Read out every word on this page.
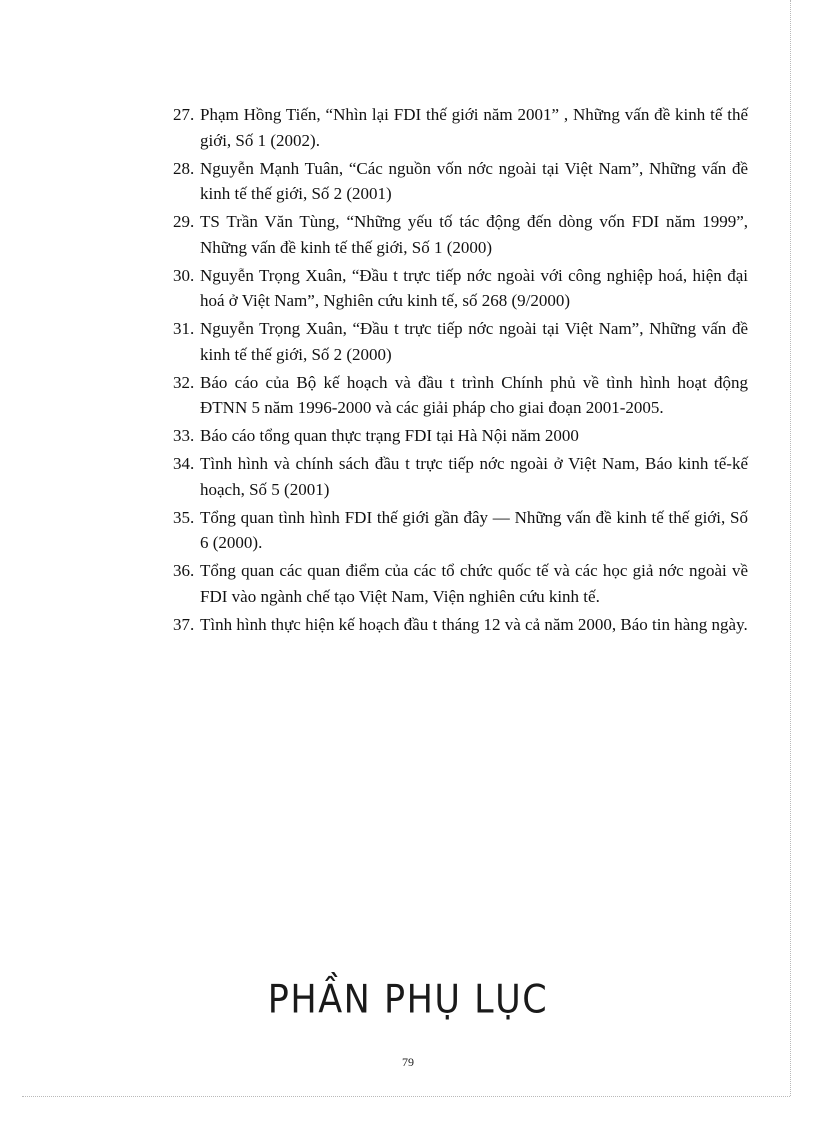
27. Phạm Hồng Tiến, “Nhìn lại FDI thế giới năm 2001” , Những vấn đề kinh tế thế giới, Số 1 (2002).
28. Nguyễn Mạnh Tuân, “Các nguồn vốn nớc ngoài tại Việt Nam”, Những vấn đề kinh tế thế giới, Số 2 (2001)
29. TS Trần Văn Tùng, “Những yếu tố tác động đến dòng vốn FDI năm 1999”, Những vấn đề kinh tế thế giới, Số 1 (2000)
30. Nguyễn Trọng Xuân, “Đầu t trực tiếp nớc ngoài với công nghiệp hoá, hiện đại hoá ở Việt Nam”, Nghiên cứu kinh tế, số 268 (9/2000)
31. Nguyễn Trọng Xuân, “Đầu t trực tiếp nớc ngoài tại Việt Nam”, Những vấn đề kinh tế thế giới, Số 2 (2000)
32. Báo cáo của Bộ kế hoạch và đầu t trình Chính phủ về tình hình hoạt động ĐTNN 5 năm 1996-2000 và các giải pháp cho giai đoạn 2001-2005.
33. Báo cáo tổng quan thực trạng FDI tại Hà Nội năm 2000
34. Tình hình và chính sách đầu t trực tiếp nớc ngoài ở Việt Nam, Báo kinh tế-kế hoạch, Số 5 (2001)
35. Tổng quan tình hình FDI thế giới gần đây — Những vấn đề kinh tế thế giới, Số 6 (2000).
36. Tổng quan các quan điểm của các tổ chức quốc tế và các học giả nớc ngoài về FDI vào ngành chế tạo Việt Nam, Viện nghiên cứu kinh tế.
37. Tình hình thực hiện kế hoạch đầu t tháng 12 và cả năm 2000, Báo tin hàng ngày.
PHẦN PHỤ LỤC
79
